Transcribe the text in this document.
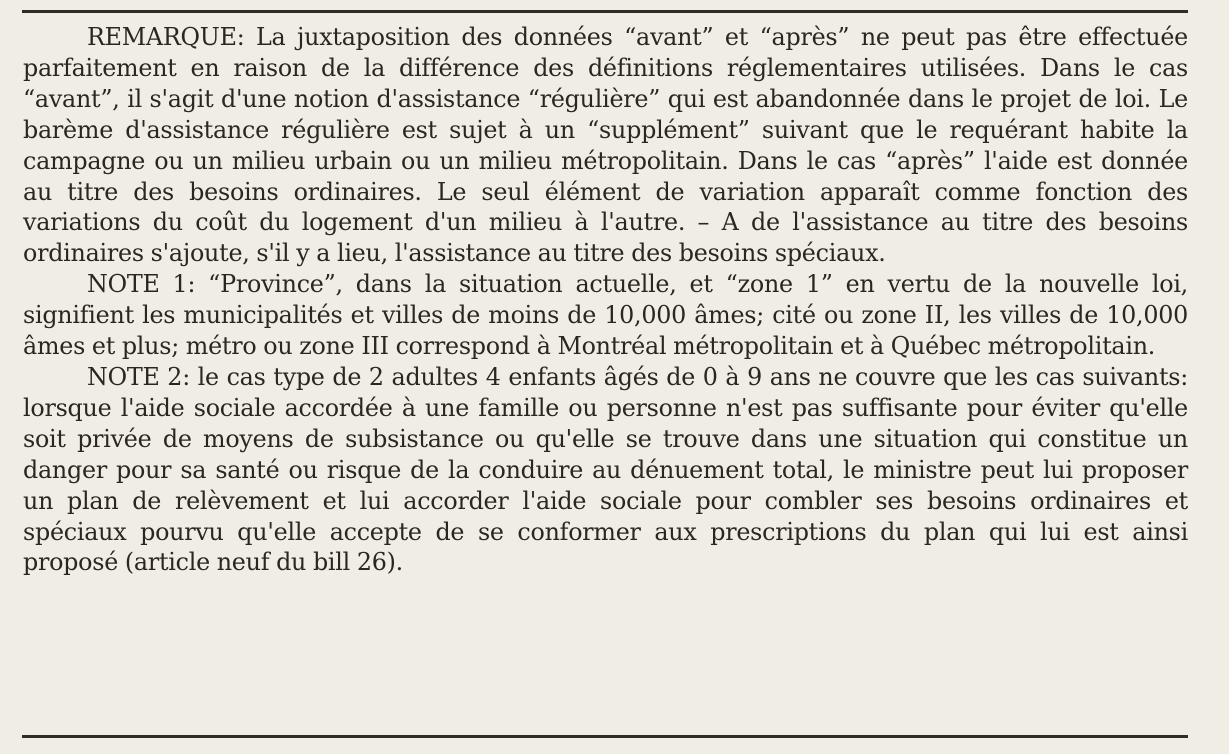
REMARQUE: La juxtaposition des données “avant” et “après” ne peut pas être effectuée parfaitement en raison de la différence des définitions réglementaires utilisées. Dans le cas “avant”, il s'agit d'une notion d'assistance “régulière” qui est abandonnée dans le projet de loi. Le barème d'assistance régulière est sujet à un “supplément” suivant que le requérant habite la campagne ou un milieu urbain ou un milieu métropolitain. Dans le cas “après” l'aide est donnée au titre des besoins ordinaires. Le seul élément de variation apparaît comme fonction des variations du coût du logement d'un milieu à l'autre. – A de l'assistance au titre des besoins ordinaires s'ajoute, s'il y a lieu, l'assistance au titre des besoins spéciaux.

NOTE 1: “Province”, dans la situation actuelle, et “zone 1” en vertu de la nouvelle loi, signifient les municipalités et villes de moins de 10,000 âmes; cité ou zone II, les villes de 10,000 âmes et plus; métro ou zone III correspond à Montréal métropolitain et à Québec métropolitain.

NOTE 2: le cas type de 2 adultes 4 enfants âgés de 0 à 9 ans ne couvre que les cas suivants: lorsque l'aide sociale accordée à une famille ou personne n'est pas suffisante pour éviter qu'elle soit privée de moyens de subsistance ou qu'elle se trouve dans une situation qui constitue un danger pour sa santé ou risque de la conduire au dénuement total, le ministre peut lui proposer un plan de relèvement et lui accorder l'aide sociale pour combler ses besoins ordinaires et spéciaux pourvu qu'elle accepte de se conformer aux prescriptions du plan qui lui est ainsi proposé (article neuf du bill 26).
